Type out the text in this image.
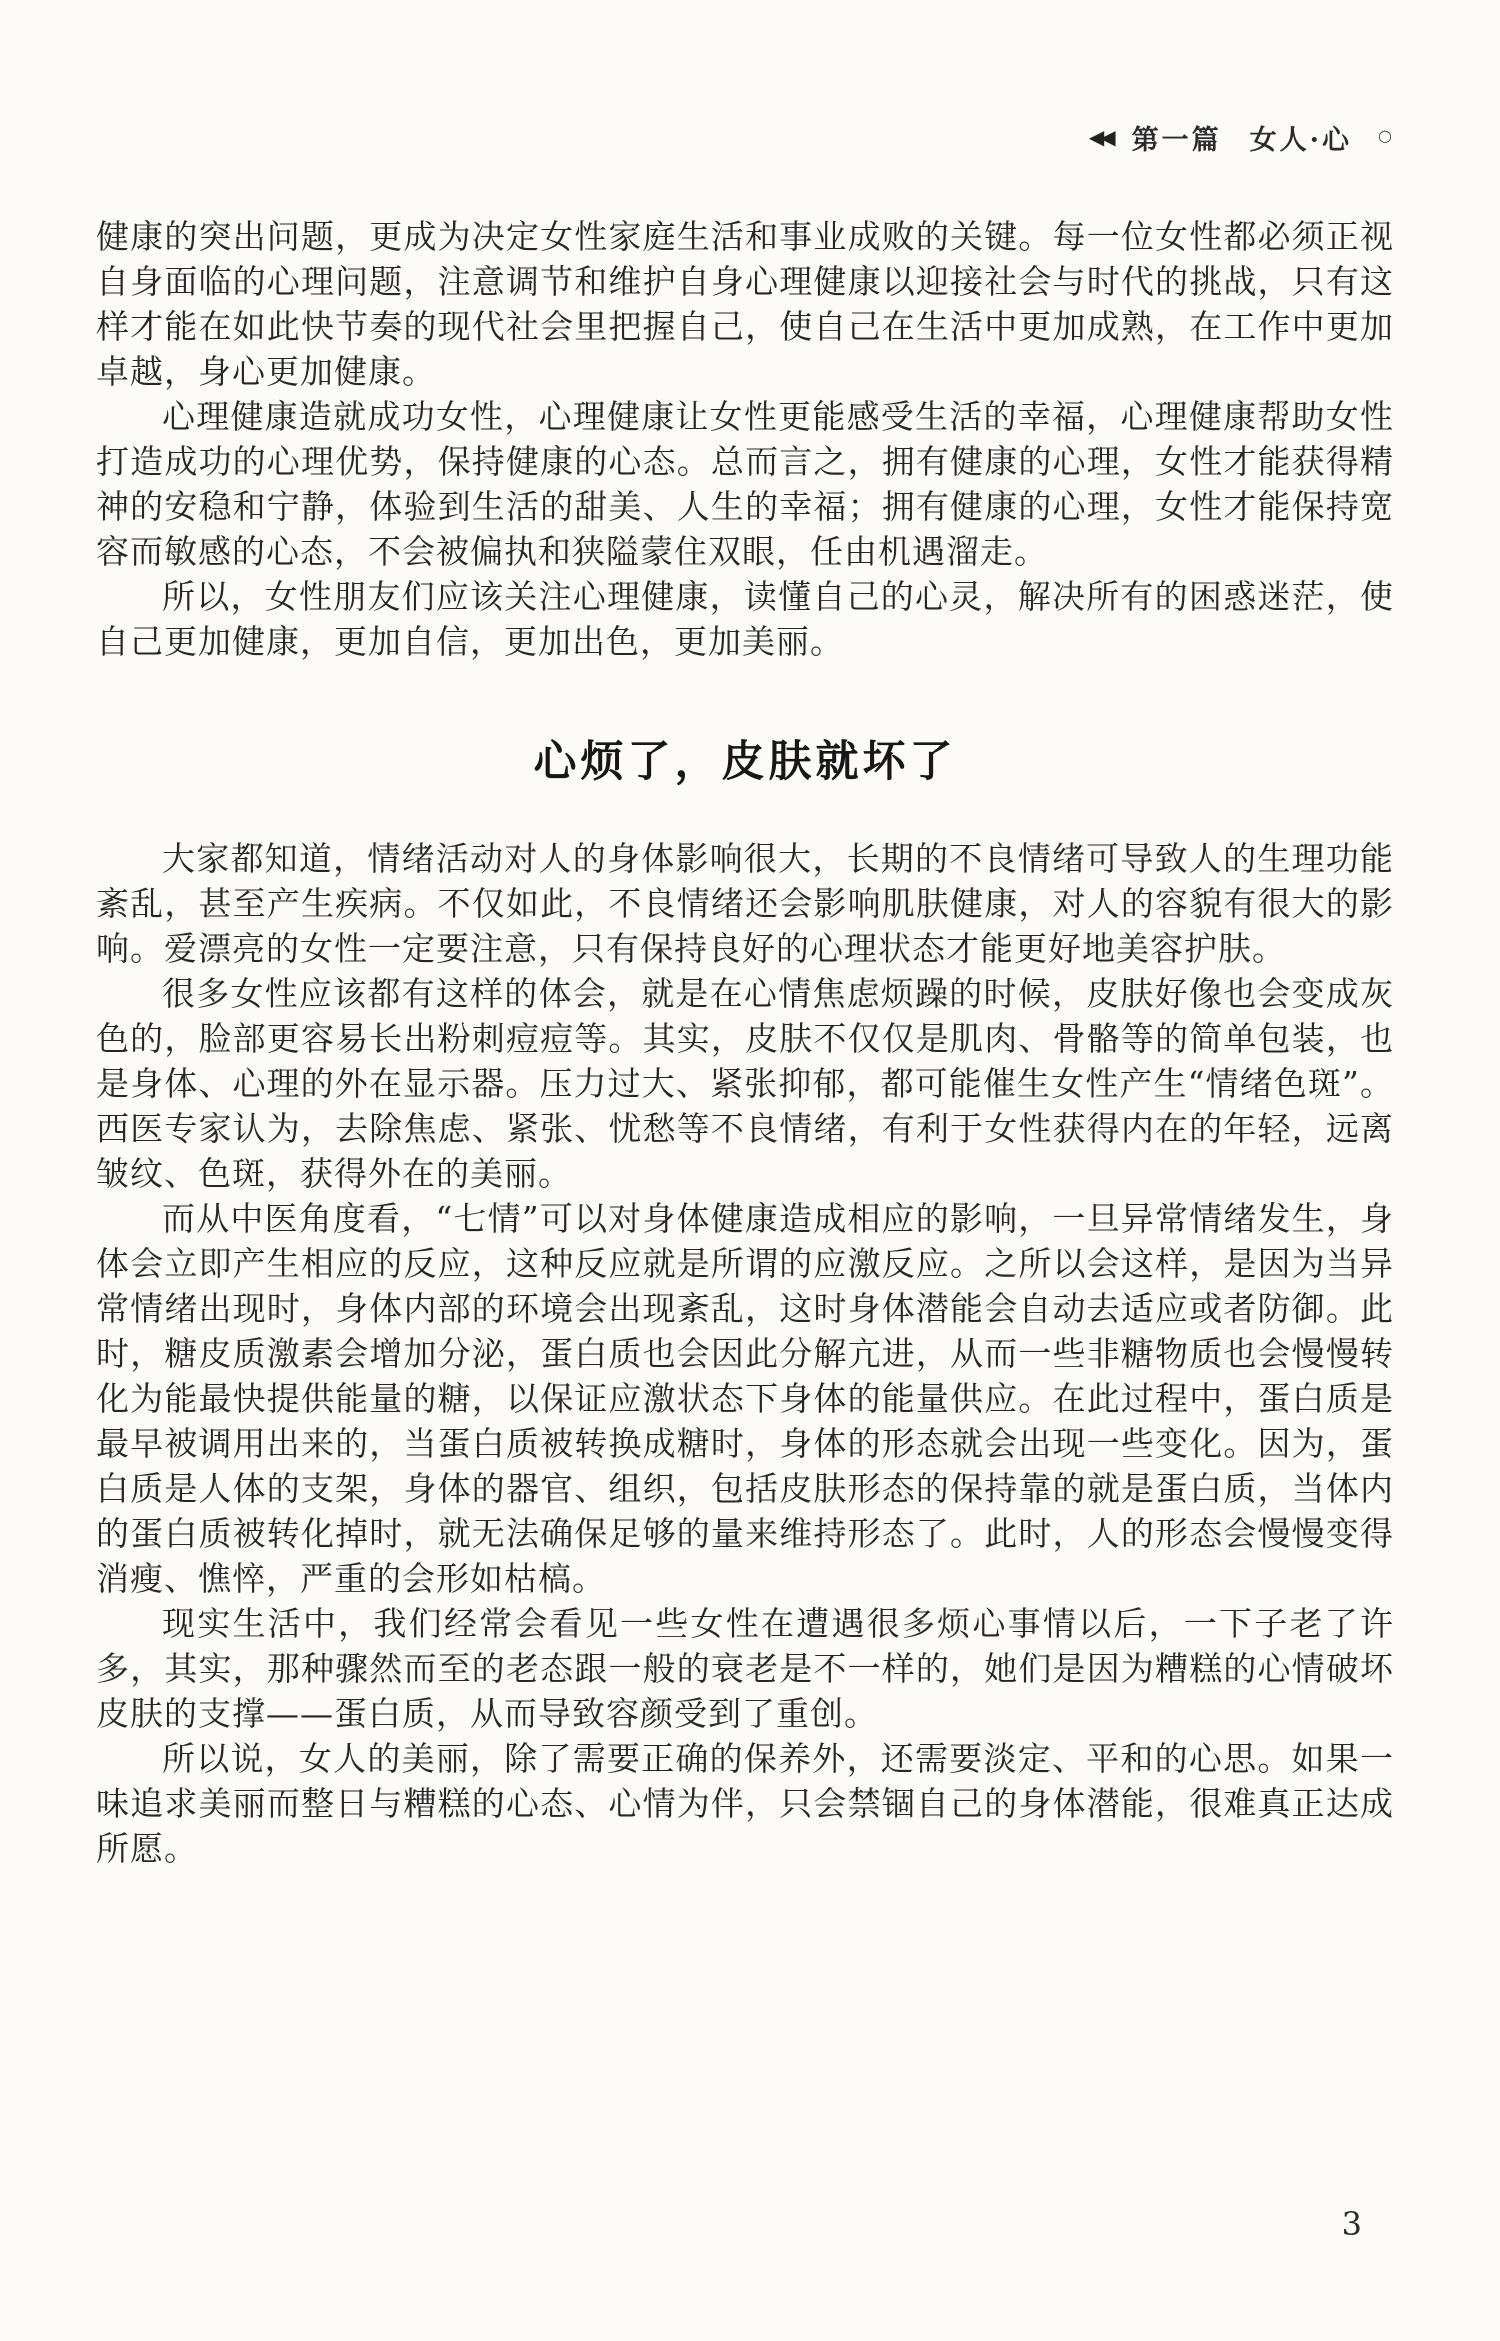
◀◀ 第一篇 女人·心 ○

健康的突出问题，更成为决定女性家庭生活和事业成败的关键。每一位女性都必须正视自身面临的心理问题，注意调节和维护自身心理健康以迎接社会与时代的挑战，只有这样才能在如此快节奏的现代社会里把握自己，使自己在生活中更加成熟，在工作中更加卓越，身心更加健康。

心理健康造就成功女性，心理健康让女性更能感受生活的幸福，心理健康帮助女性打造成功的心理优势，保持健康的心态。总而言之，拥有健康的心理，女性才能获得精神的安稳和宁静，体验到生活的甜美、人生的幸福；拥有健康的心理，女性才能保持宽容而敏感的心态，不会被偏执和狭隘蒙住双眼，任由机遇溜走。

所以，女性朋友们应该关注心理健康，读懂自己的心灵，解决所有的困惑迷茫，使自己更加健康，更加自信，更加出色，更加美丽。

心烦了，皮肤就坏了

大家都知道，情绪活动对人的身体影响很大，长期的不良情绪可导致人的生理功能紊乱，甚至产生疾病。不仅如此，不良情绪还会影响肌肤健康，对人的容貌有很大的影响。爱漂亮的女性一定要注意，只有保持良好的心理状态才能更好地美容护肤。

很多女性应该都有这样的体会，就是在心情焦虑烦躁的时候，皮肤好像也会变成灰色的，脸部更容易长出粉刺痘痘等。其实，皮肤不仅仅是肌肉、骨骼等的简单包装，也是身体、心理的外在显示器。压力过大、紧张抑郁，都可能催生女性产生“情绪色斑”。西医专家认为，去除焦虑、紧张、忧愁等不良情绪，有利于女性获得内在的年轻，远离皱纹、色斑，获得外在的美丽。

而从中医角度看，“七情”可以对身体健康造成相应的影响，一旦异常情绪发生，身体会立即产生相应的反应，这种反应就是所谓的应激反应。之所以会这样，是因为当异常情绪出现时，身体内部的环境会出现紊乱，这时身体潜能会自动去适应或者防御。此时，糖皮质激素会增加分泌，蛋白质也会因此分解亢进，从而一些非糖物质也会慢慢转化为能最快提供能量的糖，以保证应激状态下身体的能量供应。在此过程中，蛋白质是最早被调用出来的，当蛋白质被转换成糖时，身体的形态就会出现一些变化。因为，蛋白质是人体的支架，身体的器官、组织，包括皮肤形态的保持靠的就是蛋白质，当体内的蛋白质被转化掉时，就无法确保足够的量来维持形态了。此时，人的形态会慢慢变得消瘦、憔悴，严重的会形如枯槁。

现实生活中，我们经常会看见一些女性在遭遇很多烦心事情以后，一下子老了许多，其实，那种骤然而至的老态跟一般的衰老是不一样的，她们是因为糟糕的心情破坏皮肤的支撑——蛋白质，从而导致容颜受到了重创。

所以说，女人的美丽，除了需要正确的保养外，还需要淡定、平和的心思。如果一味追求美丽而整日与糟糕的心态、心情为伴，只会禁锢自己的身体潜能，很难真正达成所愿。

3
